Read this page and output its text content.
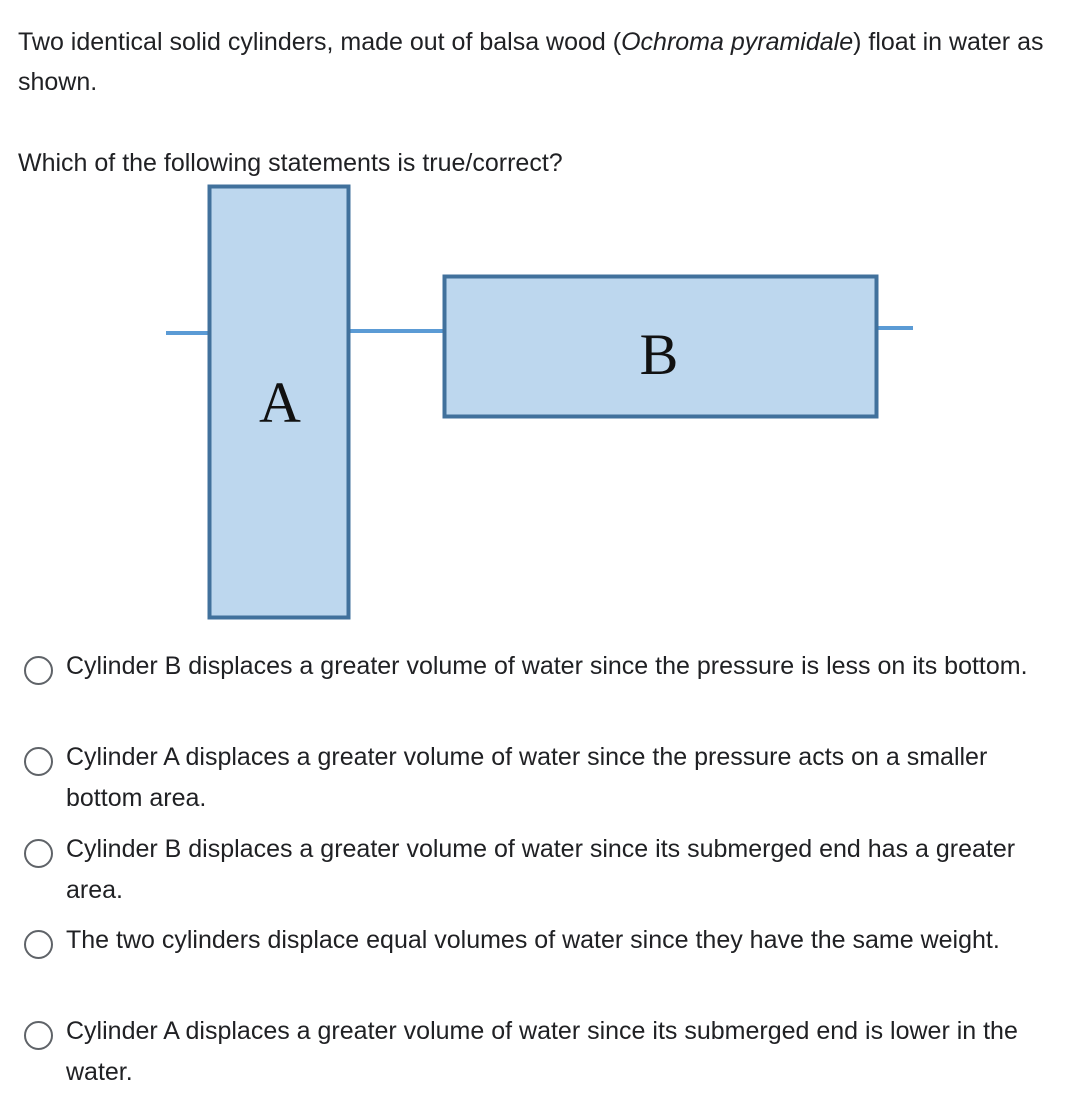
Two identical solid cylinders, made out of balsa wood (Ochroma pyramidale) float in water as shown.

Which of the following statements is true/correct?

A
B

Cylinder B displaces a greater volume of water since the pressure is less on its bottom.

Cylinder A displaces a greater volume of water since the pressure acts on a smaller bottom area.

Cylinder B displaces a greater volume of water since its submerged end has a greater area.

The two cylinders displace equal volumes of water since they have the same weight.

Cylinder A displaces a greater volume of water since its submerged end is lower in the water.
